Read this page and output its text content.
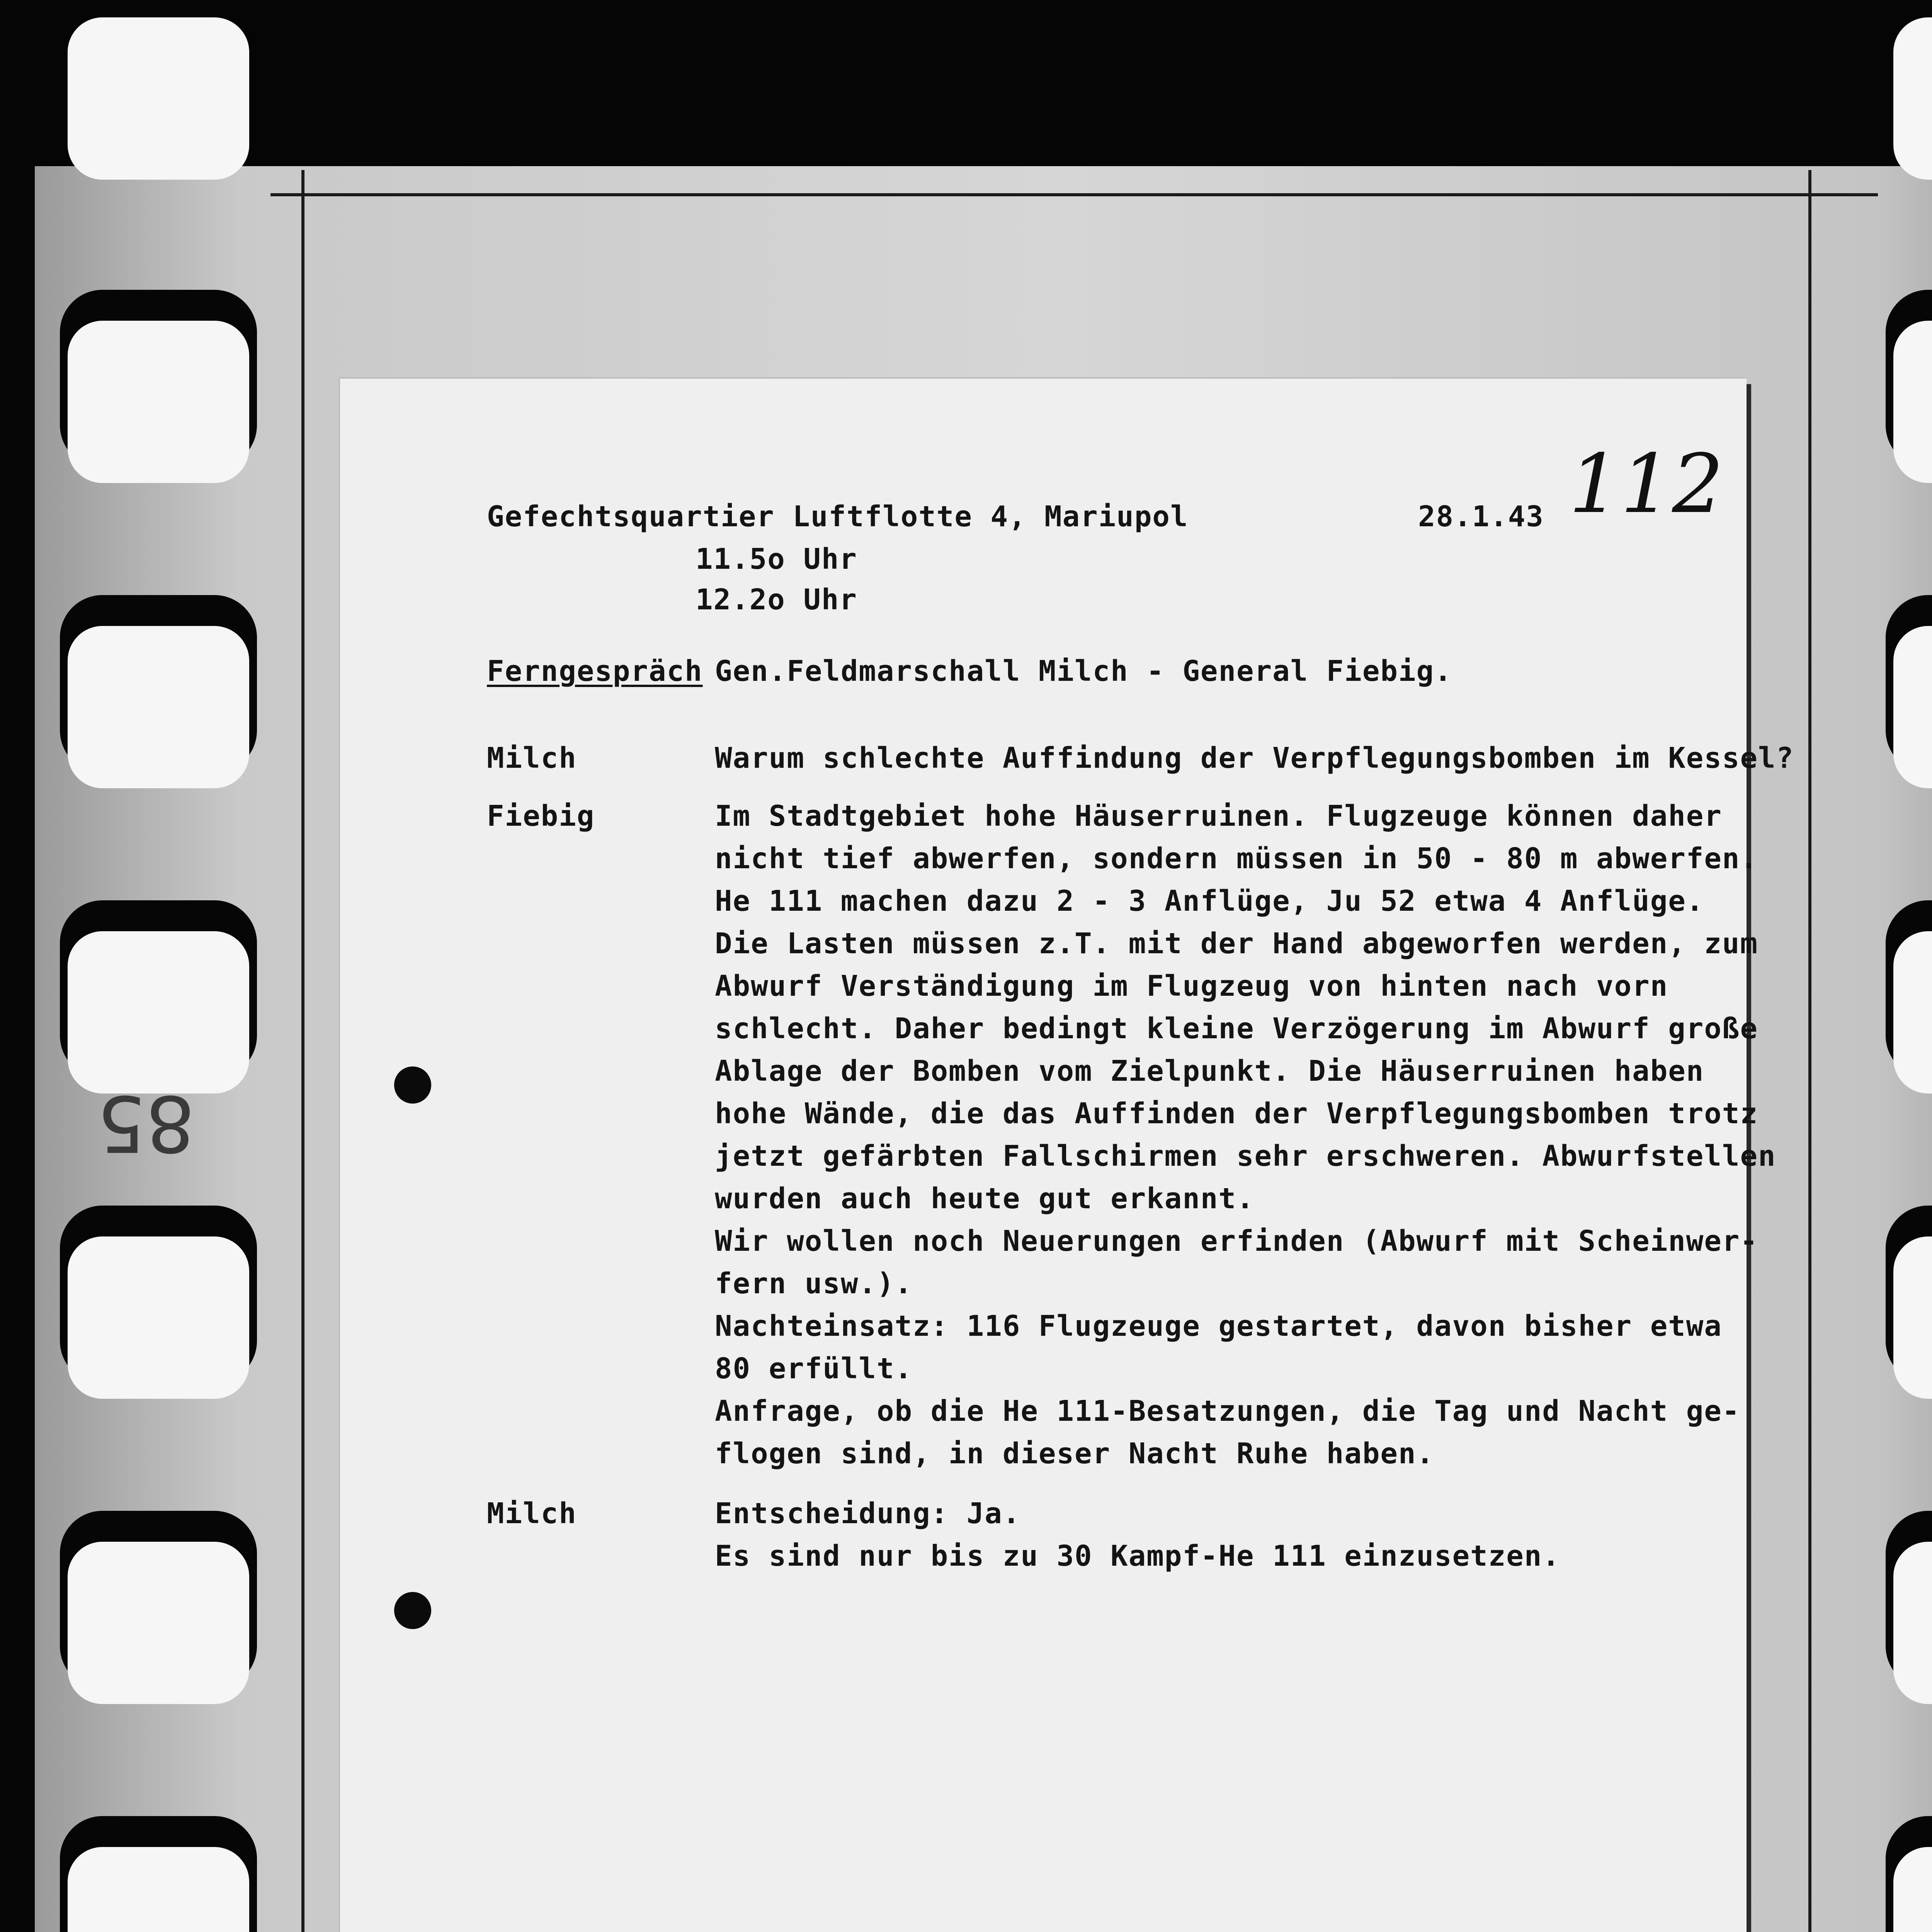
85

Gefechtsquartier Luftflotte 4, Mariupol	28.1.43 112

11.5o Uhr

12.2o Uhr

Ferngespräch Gen.Feldmarschall Milch - General Fiebig.

Milch	Warum schlechte Auffindung der Verpflegungsbomben im Kessel?

Fiebig	Im Stadtgebiet hohe Häuserruinen. Flugzeuge können daher

nicht tief abwerfen, sondern müssen in 50 - 80 m abwerfen.

He 111 machen dazu 2 - 3 Anflüge, Ju 52 etwa 4 Anflüge.

Die Lasten müssen z.T. mit der Hand abgeworfen werden, zum

Abwurf Verständigung im Flugzeug von hinten nach vorn

schlecht. Daher bedingt kleine Verzögerung im Abwurf große

Ablage der Bomben vom Zielpunkt. Die Häuserruinen haben

hohe Wände, die das Auffinden der Verpflegungsbomben trotz

jetzt gefärbten Fallschirmen sehr erschweren. Abwurfstellen

wurden auch heute gut erkannt.

Wir wollen noch Neuerungen erfinden (Abwurf mit Scheinwer-

fern usw.).

Nachteinsatz: 116 Flugzeuge gestartet, davon bisher etwa

80 erfüllt.

Anfrage, ob die He 111-Besatzungen, die Tag und Nacht ge-

flogen sind, in dieser Nacht Ruhe haben.

Milch	Entscheidung: Ja.

Es sind nur bis zu 30 Kampf-He 111 einzusetzen.
